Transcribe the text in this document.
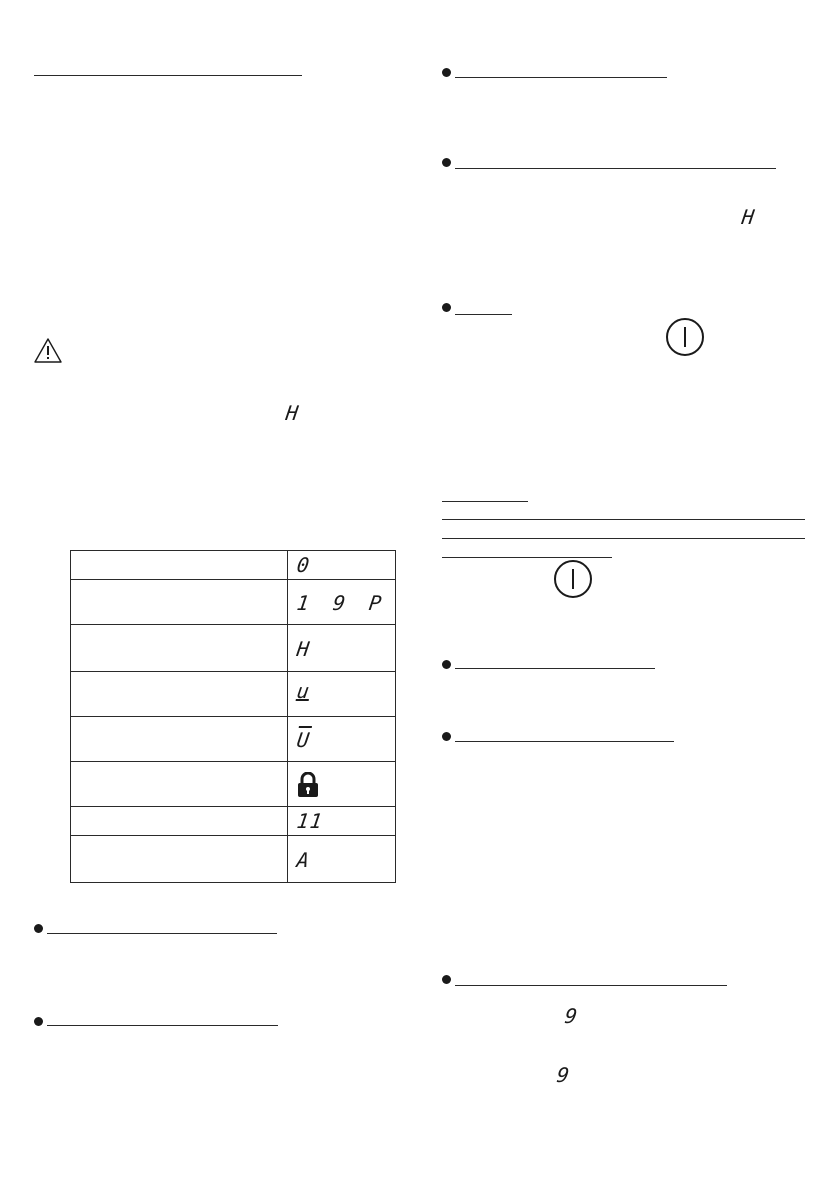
H
0
1 9 P
H
u
$\overline{U}$
11
A
H
9
9
